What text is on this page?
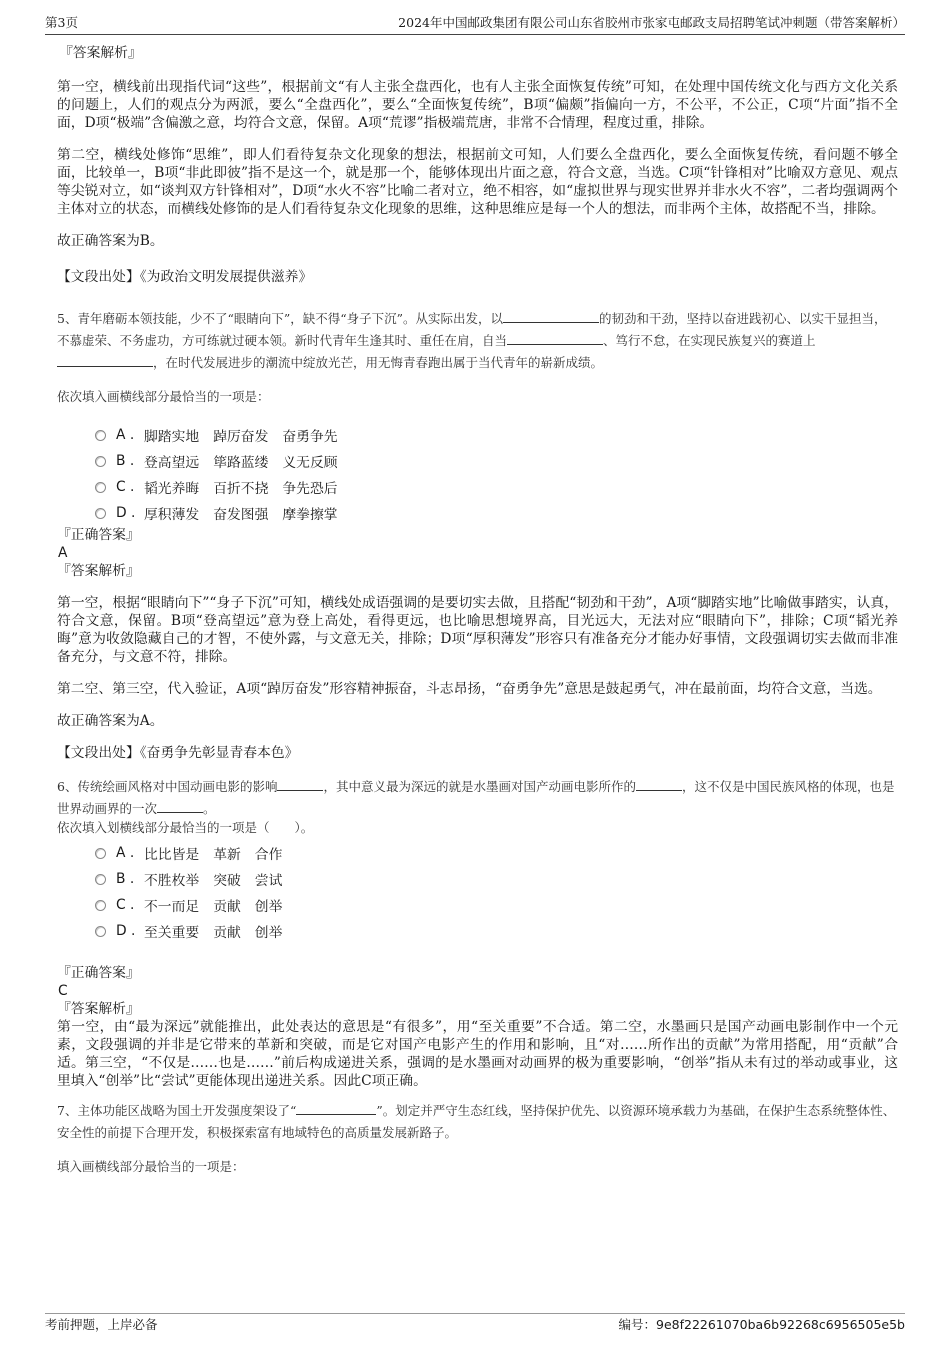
第3页	2024年中国邮政集团有限公司山东省胶州市张家屯邮政支局招聘笔试冲刺题（带答案解析）

『答案解析』

第一空，横线前出现指代词“这些”，根据前文“有人主张全盘西化，也有人主张全面恢复传统”可知，在处理中国传统文化与西方文化关系的问题上，人们的观点分为两派，要么“全盘西化”，要么“全面恢复传统”，B项“偏颇”指偏向一方，不公平，不公正，C项“片面”指不全面，D项“极端”含偏激之意，均符合文意，保留。A项“荒谬”指极端荒唐，非常不合情理，程度过重，排除。

第二空，横线处修饰“思维”，即人们看待复杂文化现象的想法，根据前文可知，人们要么全盘西化，要么全面恢复传统，看问题不够全面，比较单一，B项“非此即彼”指不是这一个，就是那一个，能够体现出片面之意，符合文意，当选。C项“针锋相对”比喻双方意见、观点等尖锐对立，如“谈判双方针锋相对”，D项“水火不容”比喻二者对立，绝不相容，如“虚拟世界与现实世界并非水火不容”，二者均强调两个主体对立的状态，而横线处修饰的是人们看待复杂文化现象的思维，这种思维应是每一个人的想法，而非两个主体，故搭配不当，排除。

故正确答案为B。

【文段出处】《为政治文明发展提供滋养》

5、青年磨砺本领技能，少不了“眼睛向下”，缺不得“身子下沉”。从实际出发，以	的韧劲和干劲，坚持以奋进践初心、以实干显担当，不慕虚荣、不务虚功，方可练就过硬本领。新时代青年生逢其时、重任在肩，自当	、笃行不怠，在实现民族复兴的赛道上，在时代发展进步的潮流中绽放光芒，用无悔青春跑出属于当代青年的崭新成绩。

依次填入画横线部分最恰当的一项是：

A . 脚踏实地 踔厉奋发 奋勇争先
B . 登高望远 筚路蓝缕 义无反顾
C . 韬光养晦 百折不挠 争先恐后
D . 厚积薄发 奋发图强 摩拳擦掌

『正确答案』

A

『答案解析』

第一空，根据“眼睛向下”“身子下沉”可知，横线处成语强调的是要切实去做，且搭配“韧劲和干劲”，A项“脚踏实地”比喻做事踏实，认真，符合文意，保留。B项“登高望远”意为登上高处，看得更远，也比喻思想境界高，目光远大，无法对应“眼睛向下”，排除；C项“韬光养晦”意为收敛隐藏自己的才智，不使外露，与文意无关，排除；D项“厚积薄发”形容只有准备充分才能办好事情，文段强调切实去做而非准备充分，与文意不符，排除。

第二空、第三空，代入验证，A项“踔厉奋发”形容精神振奋，斗志昂扬，“奋勇争先”意思是鼓起勇气，冲在最前面，均符合文意，当选。

故正确答案为A。

【文段出处】《奋勇争先彰显青春本色》

6、传统绘画风格对中国动画电影的影响	，其中意义最为深远的就是水墨画对国产动画电影所作的	，这不仅是中国民族风格的体现，也是世界动画界的一次	。

依次填入划横线部分最恰当的一项是（　　）。

A . 比比皆是 革新 合作
B . 不胜枚举 突破 尝试
C . 不一而足 贡献 创举
D . 至关重要 贡献 创举

『正确答案』

C

『答案解析』

第一空，由“最为深远”就能推出，此处表达的意思是“有很多”，用“至关重要”不合适。第二空，水墨画只是国产动画电影制作中一个元素，文段强调的并非是它带来的革新和突破，而是它对国产电影产生的作用和影响，且“对……所作出的贡献”为常用搭配，用“贡献”合适。第三空，“不仅是……也是……”前后构成递进关系，强调的是水墨画对动画界的极为重要影响，“创举”指从未有过的举动或事业，这里填入“创举”比“尝试”更能体现出递进关系。因此C项正确。

7、主体功能区战略为国土开发强度架设了“	”。划定并严守生态红线，坚持保护优先、以资源环境承载力为基础，在保护生态系统整体性、安全性的前提下合理开发，积极探索富有地域特色的高质量发展新路子。

填入画横线部分最恰当的一项是：

考前押题，上岸必备	编号：9e8f22261070ba6b92268c6956505e5b
